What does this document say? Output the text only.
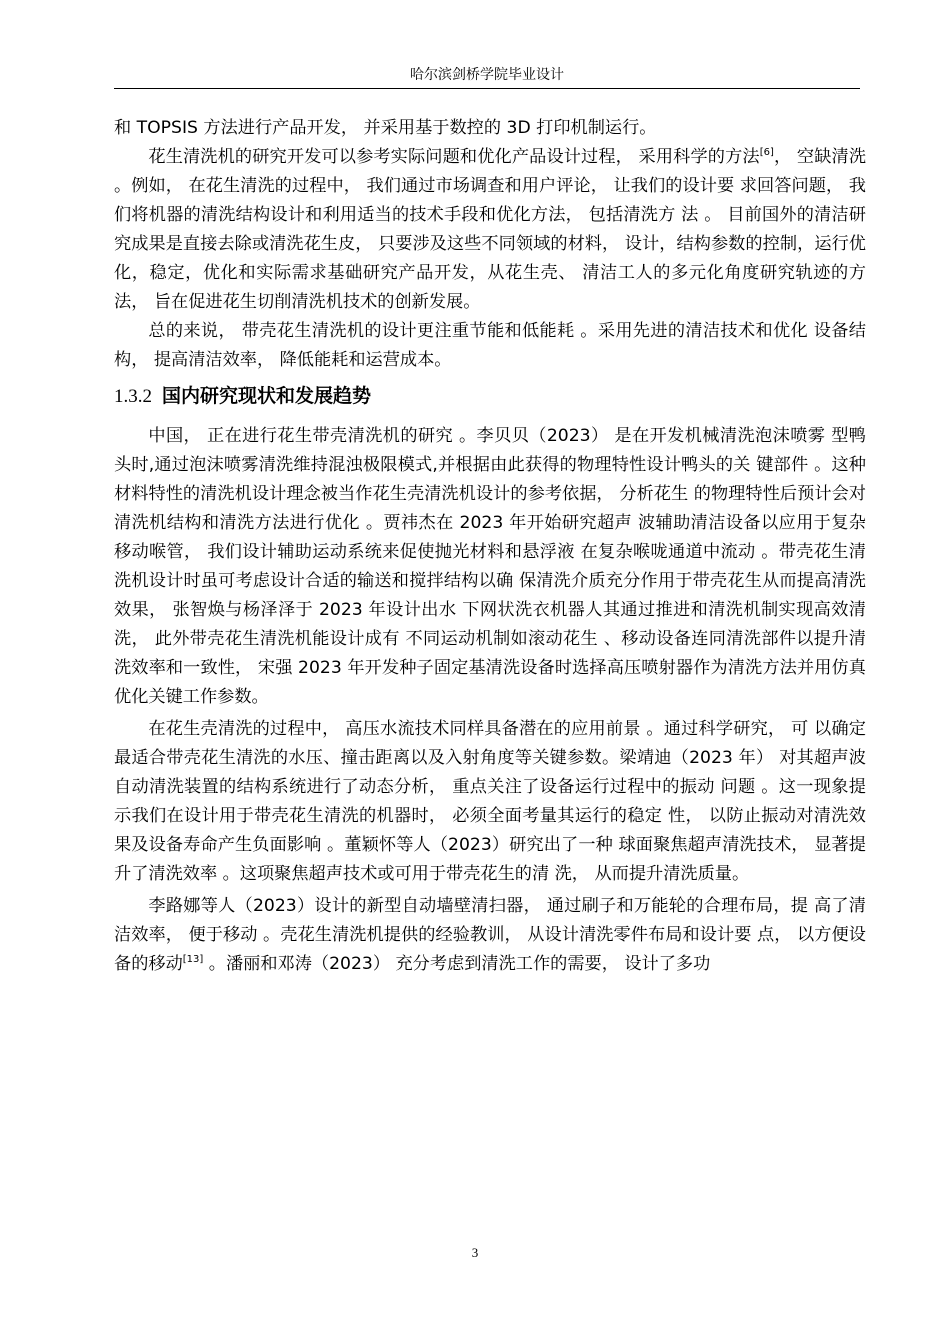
哈尔滨剑桥学院毕业设计

和 TOPSIS 方法进行产品开发， 并采用基于数控的 3D 打印机制运行。

花生清洗机的研究开发可以参考实际问题和优化产品设计过程， 采用科学的方法[6]， 空缺清洗 。例如， 在花生清洗的过程中， 我们通过市场调查和用户评论， 让我们的设计要 求回答问题， 我们将机器的清洗结构设计和利用适当的技术手段和优化方法， 包括清洗方 法 。 目前国外的清洁研究成果是直接去除或清洗花生皮， 只要涉及这些不同领域的材料， 设计，结构参数的控制，运行优化，稳定，优化和实际需求基础研究产品开发，从花生壳、 清洁工人的多元化角度研究轨迹的方法， 旨在促进花生切削清洗机技术的创新发展。

总的来说， 带壳花生清洗机的设计更注重节能和低能耗 。采用先进的清洁技术和优化 设备结构， 提高清洁效率， 降低能耗和运营成本。

1.3.2 国内研究现状和发展趋势

中国， 正在进行花生带壳清洗机的研究 。李贝贝（2023） 是在开发机械清洗泡沫喷雾 型鸭头时,通过泡沫喷雾清洗维持混浊极限模式,并根据由此获得的物理特性设计鸭头的关 键部件 。这种材料特性的清洗机设计理念被当作花生壳清洗机设计的参考依据， 分析花生 的物理特性后预计会对清洗机结构和清洗方法进行优化 。贾祎杰在 2023 年开始研究超声 波辅助清洁设备以应用于复杂移动喉管， 我们设计辅助运动系统来促使抛光材料和悬浮液 在复杂喉咙通道中流动 。带壳花生清洗机设计时虽可考虑设计合适的输送和搅拌结构以确 保清洗介质充分作用于带壳花生从而提高清洗效果， 张智焕与杨泽泽于 2023 年设计出水 下网状洗衣机器人其通过推进和清洗机制实现高效清洗， 此外带壳花生清洗机能设计成有 不同运动机制如滚动花生 、移动设备连同清洗部件以提升清洗效率和一致性， 宋强 2023 年开发种子固定基清洗设备时选择高压喷射器作为清洗方法并用仿真优化关键工作参数。

在花生壳清洗的过程中， 高压水流技术同样具备潜在的应用前景 。通过科学研究， 可 以确定最适合带壳花生清洗的水压、撞击距离以及入射角度等关键参数。梁靖迪（2023 年） 对其超声波自动清洗装置的结构系统进行了动态分析， 重点关注了设备运行过程中的振动 问题 。这一现象提示我们在设计用于带壳花生清洗的机器时， 必须全面考量其运行的稳定 性， 以防止振动对清洗效果及设备寿命产生负面影响 。董颖怀等人（2023）研究出了一种 球面聚焦超声清洗技术， 显著提升了清洗效率 。这项聚焦超声技术或可用于带壳花生的清 洗， 从而提升清洗质量。

李路娜等人（2023）设计的新型自动墙壁清扫器， 通过刷子和万能轮的合理布局，提 高了清洁效率， 便于移动 。壳花生清洗机提供的经验教训， 从设计清洗零件布局和设计要 点， 以方便设备的移动[13] 。潘丽和邓涛（2023） 充分考虑到清洗工作的需要， 设计了多功

3
